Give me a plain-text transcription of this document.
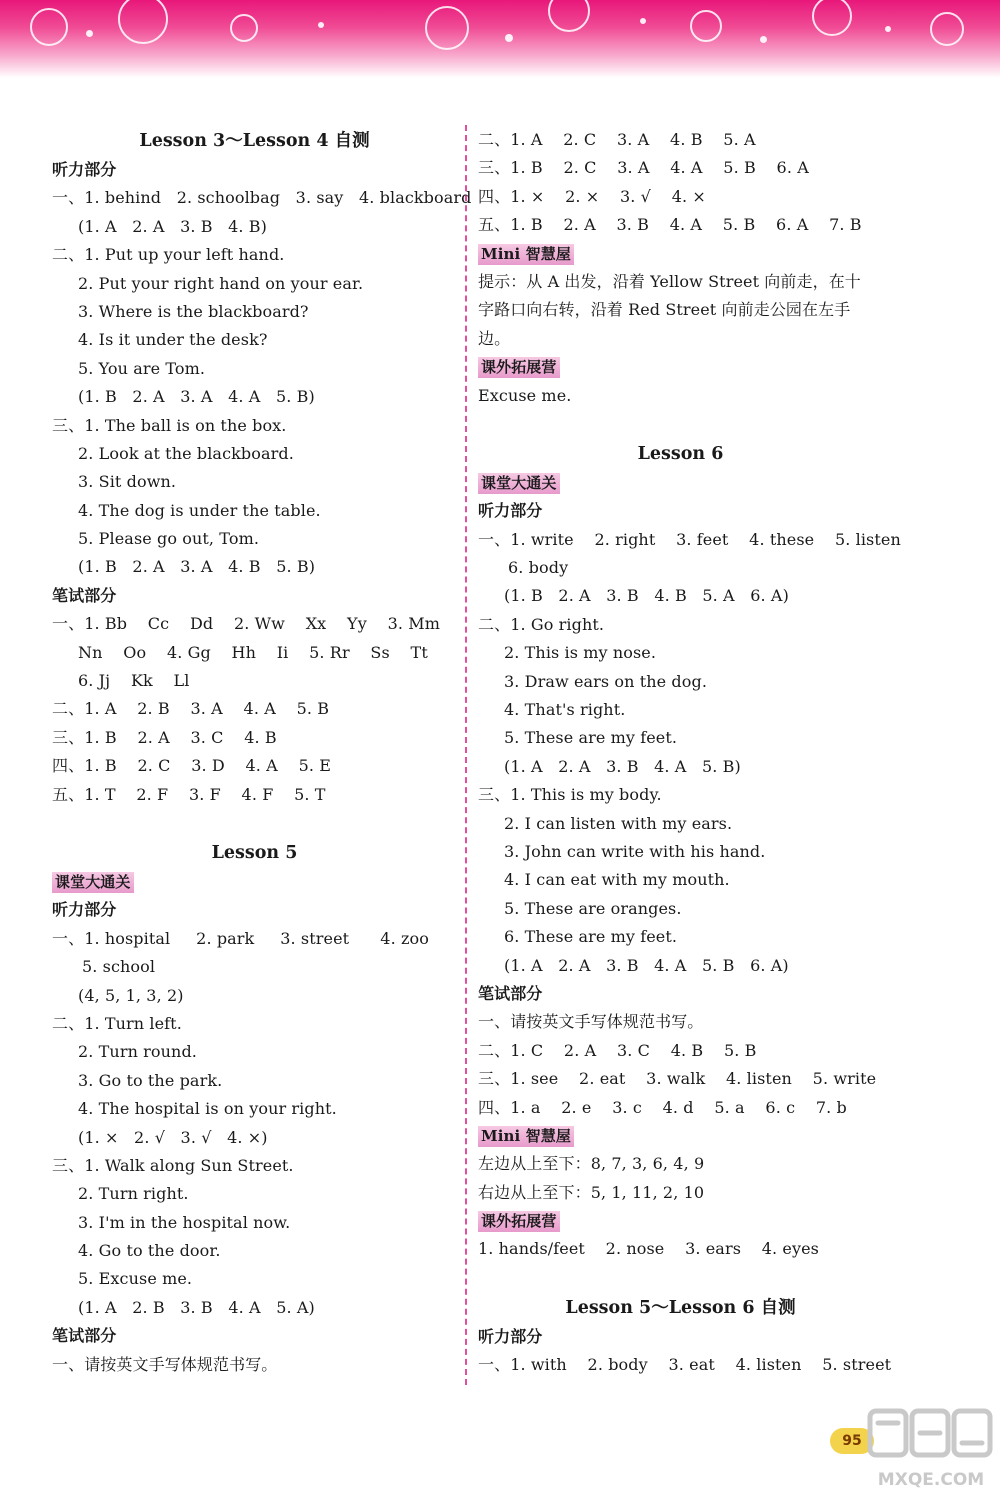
Lesson 3～Lesson 4 自测
听力部分
一、1. behind   2. schoolbag   3. say   4. blackboard
(1. A   2. A   3. B   4. B)
二、1. Put up your left hand.
2. Put your right hand on your ear.
3. Where is the blackboard?
4. Is it under the desk?
5. You are Tom.
(1. B   2. A   3. A   4. A   5. B)
三、1. The ball is on the box.
2. Look at the blackboard.
3. Sit down.
4. The dog is under the table.
5. Please go out, Tom.
(1. B   2. A   3. A   4. B   5. B)
笔试部分
一、1. Bb    Cc    Dd    2. Ww    Xx    Yy    3. Mm
Nn    Oo    4. Gg    Hh    Ii    5. Rr    Ss    Tt
6. Jj    Kk    Ll
二、1. A    2. B    3. A    4. A    5. B
三、1. B    2. A    3. C    4. B
四、1. B    2. C    3. D    4. A    5. E
五、1. T    2. F    3. F    4. F    5. T
Lesson 5
课堂大通关
听力部分
一、1. hospital     2. park     3. street      4. zoo
5. school
(4, 5, 1, 3, 2)
二、1. Turn left.
2. Turn round.
3. Go to the park.
4. The hospital is on your right.
(1. ×   2. √   3. √   4. ×)
三、1. Walk along Sun Street.
2. Turn right.
3. I'm in the hospital now.
4. Go to the door.
5. Excuse me.
(1. A   2. B   3. B   4. A   5. A)
笔试部分
一、请按英文手写体规范书写。
二、1. A    2. C    3. A    4. B    5. A
三、1. B    2. C    3. A    4. A    5. B    6. A
四、1. ×    2. ×    3. √    4. ×
五、1. B    2. A    3. B    4. A    5. B    6. A    7. B
Mini 智慧屋
提示：从 A 出发，沿着 Yellow Street 向前走，在十
字路口向右转，沿着 Red Street 向前走公园在左手
边。
课外拓展营
Excuse me.
Lesson 6
课堂大通关
听力部分
一、1. write    2. right    3. feet    4. these    5. listen
6. body
(1. B   2. A   3. B   4. B   5. A   6. A)
二、1. Go right.
2. This is my nose.
3. Draw ears on the dog.
4. That's right.
5. These are my feet.
(1. A   2. A   3. B   4. A   5. B)
三、1. This is my body.
2. I can listen with my ears.
3. John can write with his hand.
4. I can eat with my mouth.
5. These are oranges.
6. These are my feet.
(1. A   2. A   3. B   4. A   5. B   6. A)
笔试部分
一、请按英文手写体规范书写。
二、1. C    2. A    3. C    4. B    5. B
三、1. see    2. eat    3. walk    4. listen    5. write
四、1. a    2. e    3. c    4. d    5. a    6. c    7. b
Mini 智慧屋
左边从上至下：8, 7, 3, 6, 4, 9
右边从上至下：5, 1, 11, 2, 10
课外拓展营
1. hands/feet    2. nose    3. ears    4. eyes
Lesson 5～Lesson 6 自测
听力部分
一、1. with    2. body    3. eat    4. listen    5. street
95
MXQE.COM
